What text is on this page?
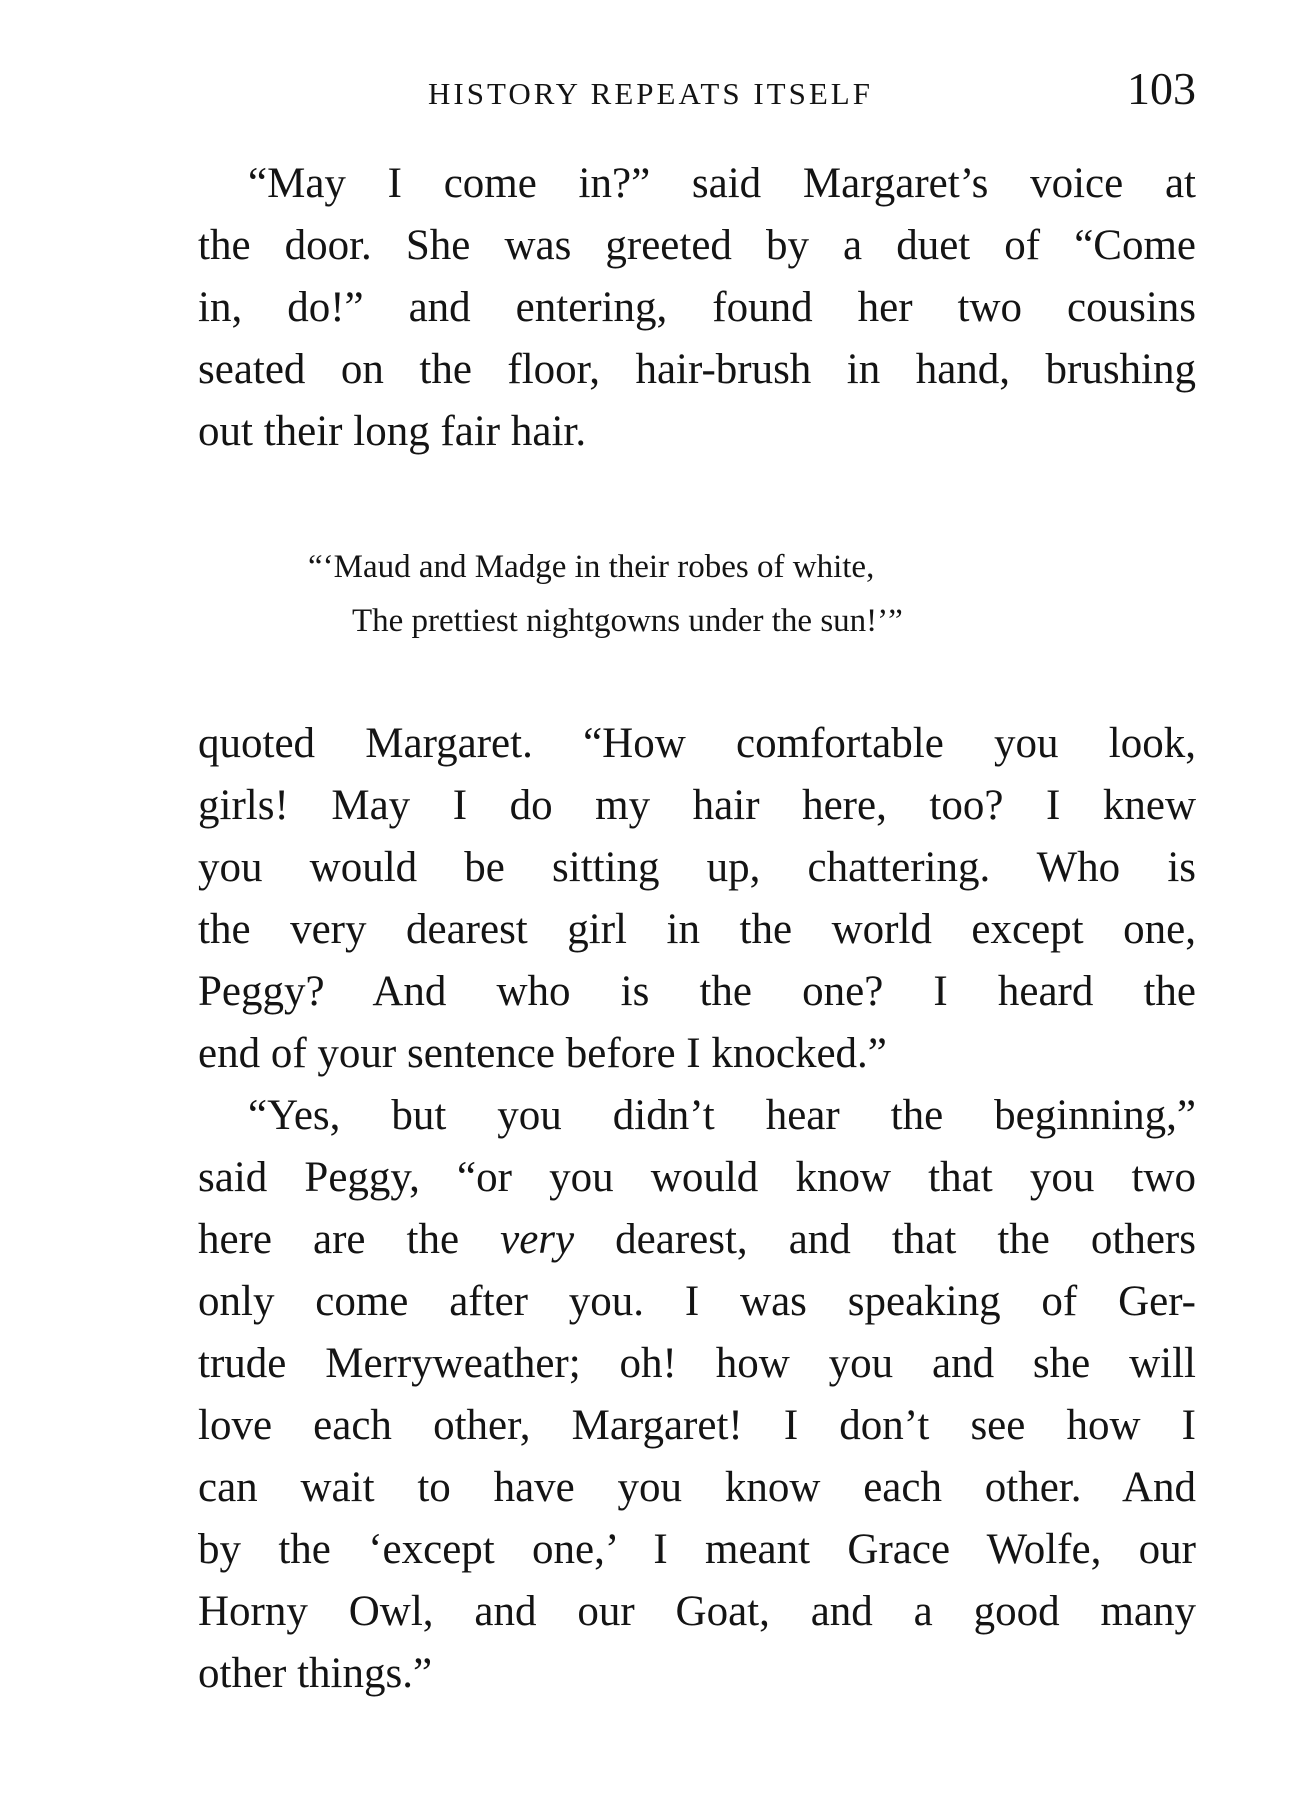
HISTORY REPEATS ITSELF	103
“May I come in?” said Margaret’s voice at
the door. She was greeted by a duet of “Come
in, do!” and entering, found her two cousins
seated on the floor, hair-brush in hand, brushing
out their long fair hair.
“‘Maud and Madge in their robes of white,
The prettiest nightgowns under the sun!’”
quoted Margaret. “How comfortable you look,
girls! May I do my hair here, too? I knew
you would be sitting up, chattering. Who is
the very dearest girl in the world except one,
Peggy? And who is the one? I heard the
end of your sentence before I knocked.”
“Yes, but you didn’t hear the beginning,”
said Peggy, “or you would know that you two
here are the very dearest, and that the others
only come after you. I was speaking of Ger-
trude Merryweather; oh! how you and she will
love each other, Margaret! I don’t see how I
can wait to have you know each other. And
by the ‘except one,’ I meant Grace Wolfe, our
Horny Owl, and our Goat, and a good many
other things.”
